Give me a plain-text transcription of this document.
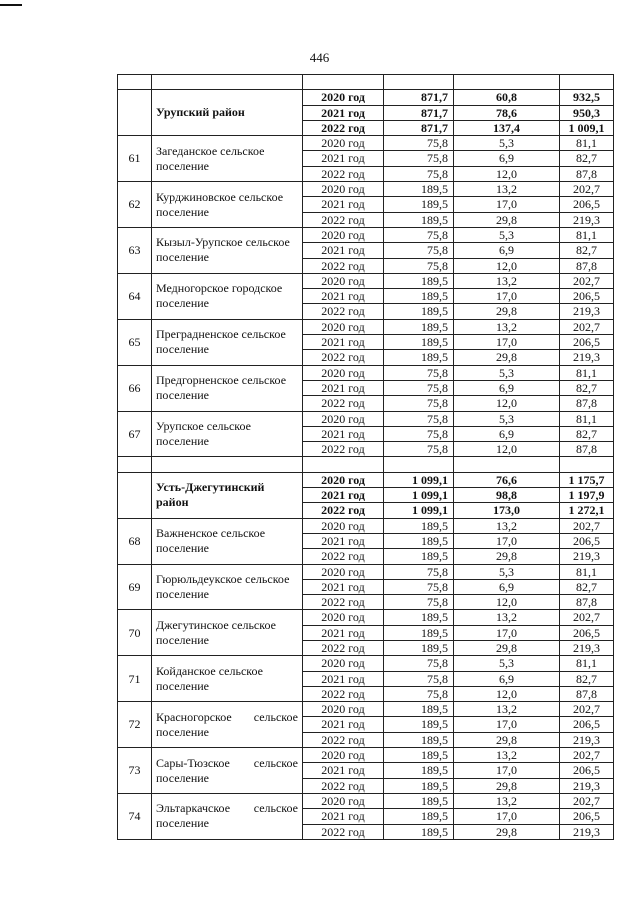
446

	Урупский район	2020 год	871,7	60,8	932,5
		2021 год	871,7	78,6	950,3
		2022 год	871,7	137,4	1 009,1
61	Загеданское сельское поселение	2020 год	75,8	5,3	81,1
		2021 год	75,8	6,9	82,7
		2022 год	75,8	12,0	87,8
62	Курджиновское сельское поселение	2020 год	189,5	13,2	202,7
		2021 год	189,5	17,0	206,5
		2022 год	189,5	29,8	219,3
63	Кызыл-Урупское сельское поселение	2020 год	75,8	5,3	81,1
		2021 год	75,8	6,9	82,7
		2022 год	75,8	12,0	87,8
64	Медногорское городское поселение	2020 год	189,5	13,2	202,7
		2021 год	189,5	17,0	206,5
		2022 год	189,5	29,8	219,3
65	Преградненское сельское поселение	2020 год	189,5	13,2	202,7
		2021 год	189,5	17,0	206,5
		2022 год	189,5	29,8	219,3
66	Предгорненское сельское поселение	2020 год	75,8	5,3	81,1
		2021 год	75,8	6,9	82,7
		2022 год	75,8	12,0	87,8
67	Урупское сельское поселение	2020 год	75,8	5,3	81,1
		2021 год	75,8	6,9	82,7
		2022 год	75,8	12,0	87,8

	Усть-Джегутинский район	2020 год	1 099,1	76,6	1 175,7
		2021 год	1 099,1	98,8	1 197,9
		2022 год	1 099,1	173,0	1 272,1
68	Важненское сельское поселение	2020 год	189,5	13,2	202,7
		2021 год	189,5	17,0	206,5
		2022 год	189,5	29,8	219,3
69	Гюрюльдеукское сельское поселение	2020 год	75,8	5,3	81,1
		2021 год	75,8	6,9	82,7
		2022 год	75,8	12,0	87,8
70	Джегутинское сельское поселение	2020 год	189,5	13,2	202,7
		2021 год	189,5	17,0	206,5
		2022 год	189,5	29,8	219,3
71	Койданское сельское поселение	2020 год	75,8	5,3	81,1
		2021 год	75,8	6,9	82,7
		2022 год	75,8	12,0	87,8
72	Красногорское сельское поселение	2020 год	189,5	13,2	202,7
		2021 год	189,5	17,0	206,5
		2022 год	189,5	29,8	219,3
73	Сары-Тюзское сельское поселение	2020 год	189,5	13,2	202,7
		2021 год	189,5	17,0	206,5
		2022 год	189,5	29,8	219,3
74	Эльтаркачское сельское поселение	2020 год	189,5	13,2	202,7
		2021 год	189,5	17,0	206,5
		2022 год	189,5	29,8	219,3
